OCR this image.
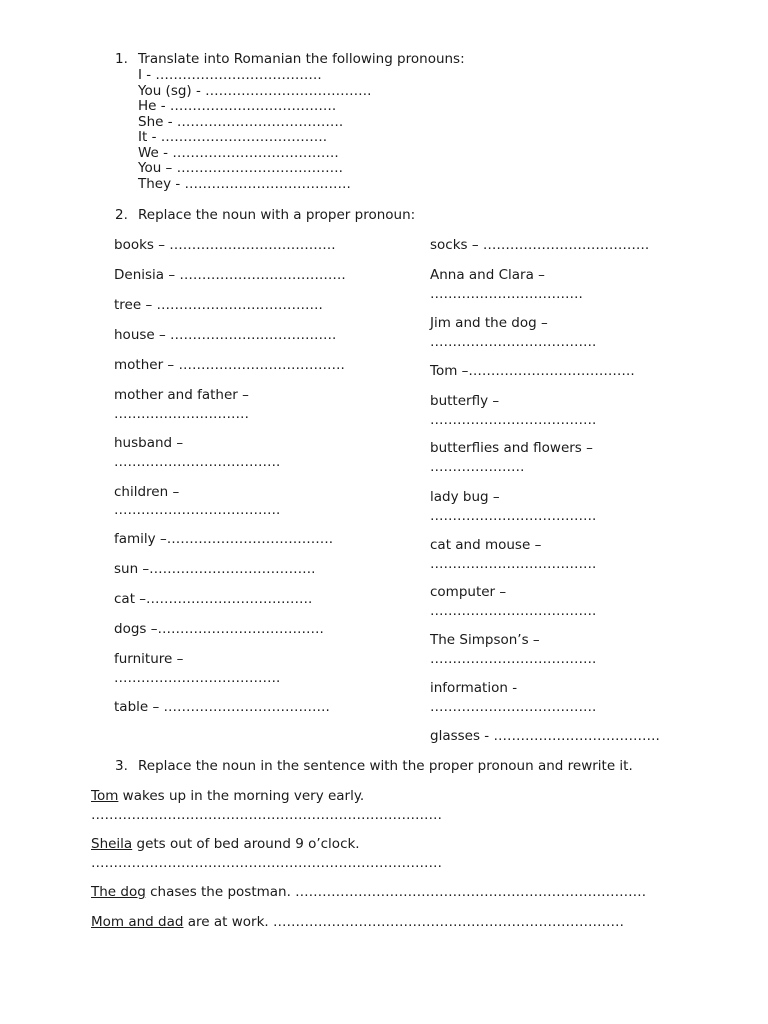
1. Translate into Romanian the following pronouns:
I - ……………………………….
You (sg) - ……………………………….
He - ……………………………….
She - ……………………………….
It - ……………………………….
We - ……………………………….
You – ……………………………….
They - ……………………………….
2. Replace the noun with a proper pronoun:
books – ……………………………….
Denisia – ……………………………….
tree – ……………………………….
house – ……………………………….
mother – ……………………………….
mother and father –
…………………………
husband –
……………………………….
children –
……………………………….
family –……………………………….
sun –……………………………….
cat –……………………………….
dogs –……………………………….
furniture –
……………………………….
table – ……………………………….
socks – ……………………………….
Anna and Clara –
…………………………….
Jim and the dog –
……………………………….
Tom –……………………………….
butterfly –
……………………………….
butterflies and flowers –
…………………
lady bug –
……………………………….
cat and mouse –
……………………………….
computer –
……………………………….
The Simpson’s –
……………………………….
information -
……………………………….
glasses - ……………………………….
3. Replace the noun in the sentence with the proper pronoun and rewrite it.
Tom wakes up in the morning very early.
……………………………………………………………………
Sheila gets out of bed around 9 o’clock.
……………………………………………………………………
The dog chases the postman. ……………………………………………………………………
Mom and dad are at work. ……………………………………………………………………
